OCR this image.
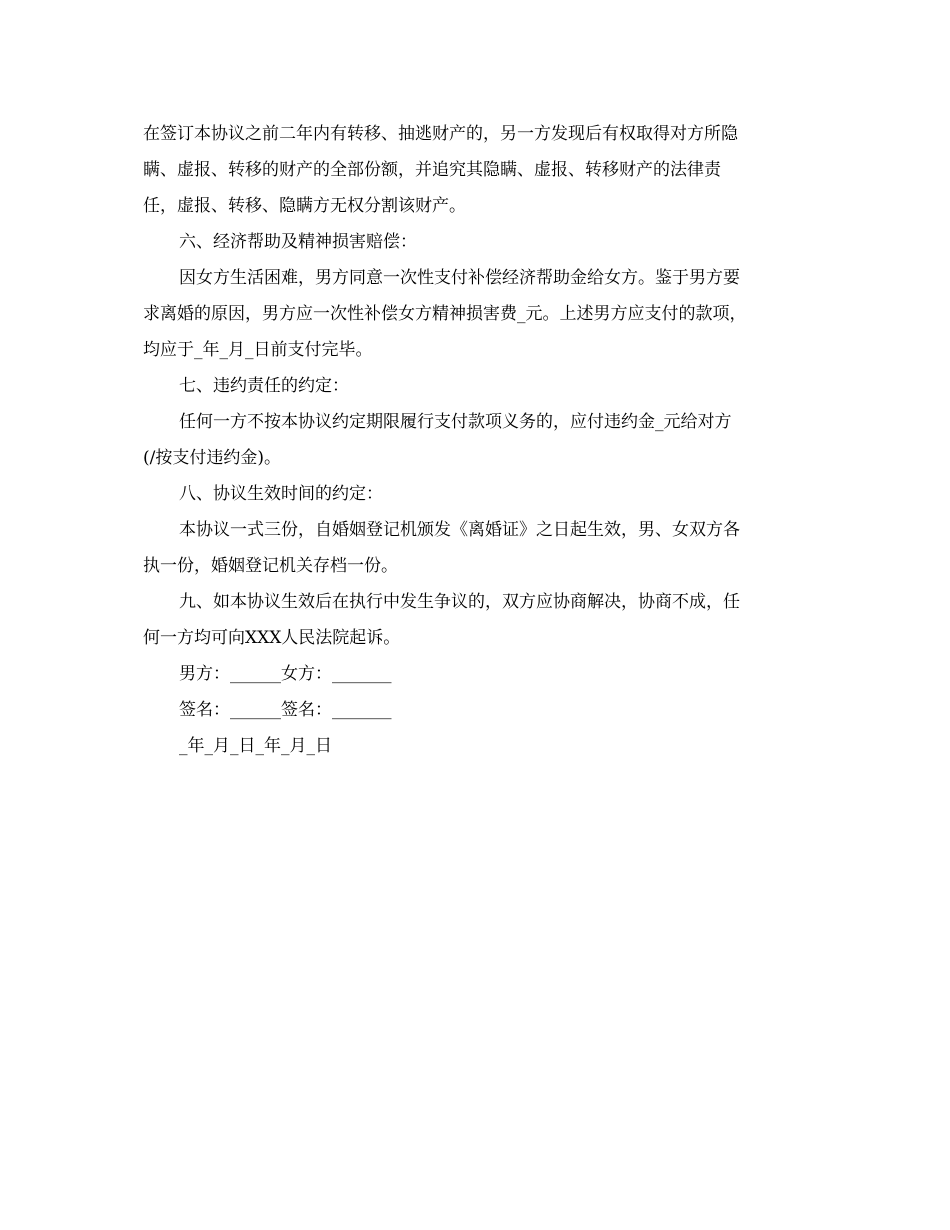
在签订本协议之前二年内有转移、抽逃财产的，另一方发现后有权取得对方所隐
瞒、虚报、转移的财产的全部份额，并追究其隐瞒、虚报、转移财产的法律责
任，虚报、转移、隐瞒方无权分割该财产。
六、经济帮助及精神损害赔偿：
因女方生活困难，男方同意一次性支付补偿经济帮助金给女方。鉴于男方要
求离婚的原因，男方应一次性补偿女方精神损害费_元。上述男方应支付的款项，
均应于_年_月_日前支付完毕。
七、违约责任的约定：
任何一方不按本协议约定期限履行支付款项义务的，应付违约金_元给对方
(/按支付违约金)。
八、协议生效时间的约定：
本协议一式三份，自婚姻登记机颁发《离婚证》之日起生效，男、女双方各
执一份，婚姻登记机关存档一份。
九、如本协议生效后在执行中发生争议的，双方应协商解决，协商不成，任
何一方均可向XXX人民法院起诉。
男方：______女方：_______
签名：______签名：_______
_年_月_日_年_月_日
